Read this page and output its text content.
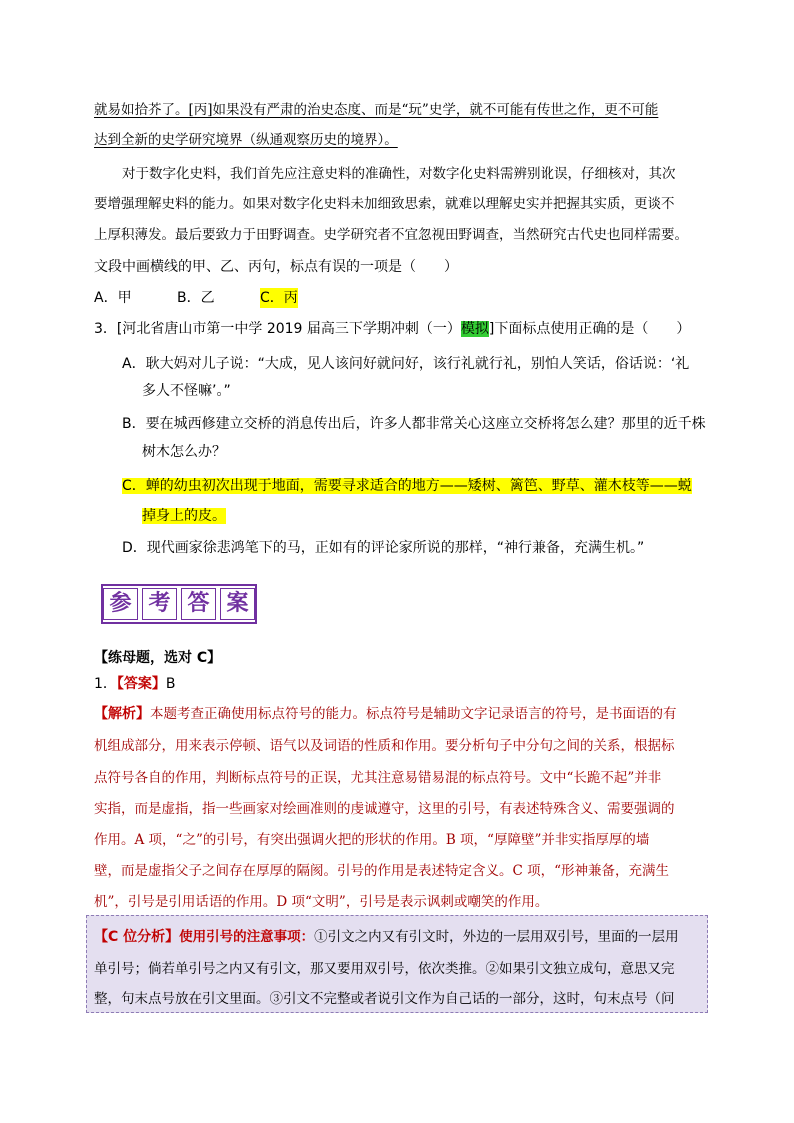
就易如拾芥了。[丙]如果没有严肃的治史态度、而是“玩”史学，就不可能有传世之作，更不可能
达到全新的史学研究境界（纵通观察历史的境界）。
对于数字化史料，我们首先应注意史料的准确性，对数字化史料需辨别讹误，仔细核对，其次
要增强理解史料的能力。如果对数字化史料未加细致思索，就难以理解史实并把握其实质，更谈不
上厚积薄发。最后要致力于田野调查。史学研究者不宜忽视田野调查，当然研究古代史也同样需要。
文段中画横线的甲、乙、丙句，标点有误的一项是（　　）
A．甲	B．乙	C．丙
3．[河北省唐山市第一中学 2019 届高三下学期冲刺（一）模拟]下面标点使用正确的是（　　）
A．耿大妈对儿子说：“大成，见人该问好就问好，该行礼就行礼，别怕人笑话，俗话说：‘礼
多人不怪嘛’。”
B．要在城西修建立交桥的消息传出后，许多人都非常关心这座立交桥将怎么建？那里的近千株
树木怎么办？
C．蝉的幼虫初次出现于地面，需要寻求适合的地方——矮树、篱笆、野草、灌木枝等——蜕
掉身上的皮。
D．现代画家徐悲鸿笔下的马，正如有的评论家所说的那样，“神行兼备，充满生机。”
参 考 答 案
【练母题，选对 C】
1．【答案】B
【解析】本题考查正确使用标点符号的能力。标点符号是辅助文字记录语言的符号，是书面语的有
机组成部分，用来表示停顿、语气以及词语的性质和作用。要分析句子中分句之间的关系，根据标
点符号各自的作用，判断标点符号的正误，尤其注意易错易混的标点符号。文中“长跪不起”并非
实指，而是虚指，指一些画家对绘画准则的虔诚遵守，这里的引号，有表述特殊含义、需要强调的
作用。A 项，“之”的引号，有突出强调火把的形状的作用。B 项，“厚障壁”并非实指厚厚的墙
壁，而是虚指父子之间存在厚厚的隔阂。引号的作用是表述特定含义。C 项，“形神兼备，充满生
机”，引号是引用话语的作用。D 项“文明”，引号是表示讽刺或嘲笑的作用。
【C 位分析】使用引号的注意事项：①引文之内又有引文时，外边的一层用双引号，里面的一层用
单引号；倘若单引号之内又有引文，那又要用双引号，依次类推。②如果引文独立成句，意思又完
整，句末点号放在引文里面。③引文不完整或者说引文作为自己话的一部分，这时，句末点号（问
